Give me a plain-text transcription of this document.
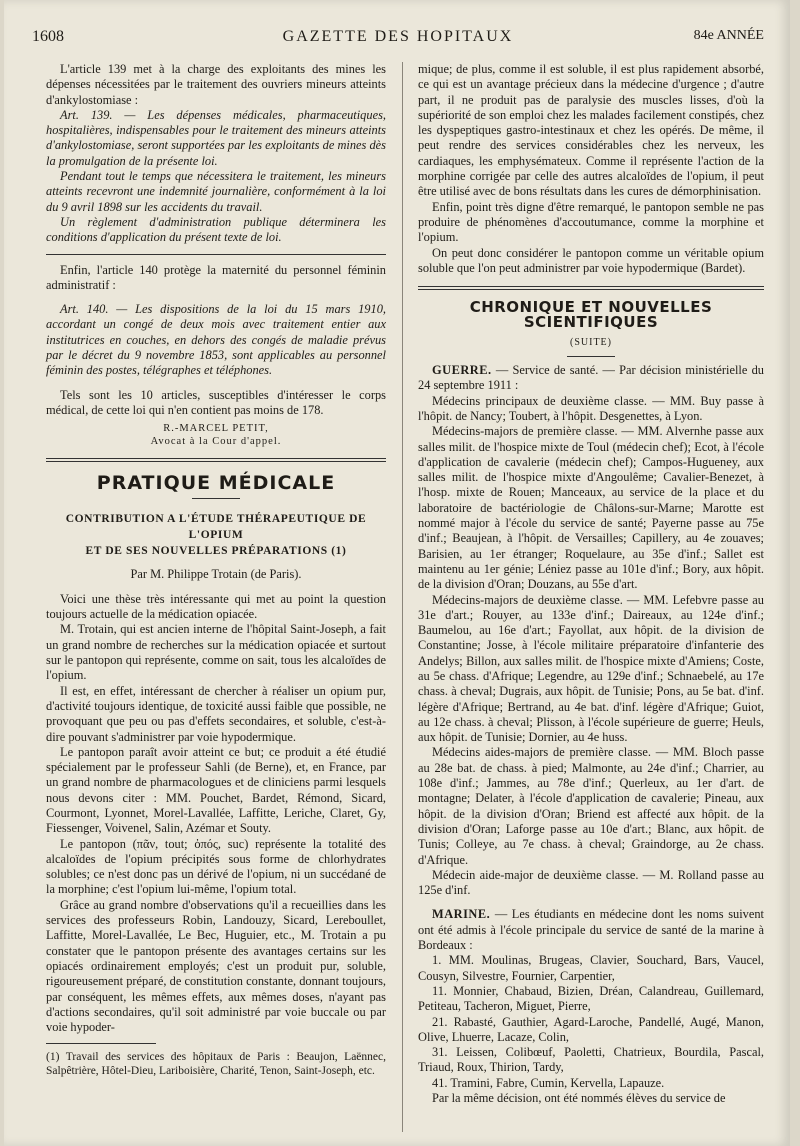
1608	GAZETTE DES HOPITAUX	84e ANNÉE

L'article 139 met à la charge des exploitants des mines les dépenses nécessitées par le traitement des ouvriers mineurs atteints d'ankylostomiase :

Art. 139. — Les dépenses médicales, pharmaceutiques, hospitalières, indispensables pour le traitement des mineurs atteints d'ankylostomiase, seront supportées par les exploitants de mines dès la promulgation de la présente loi.

Pendant tout le temps que nécessitera le traitement, les mineurs atteints recevront une indemnité journalière, conformément à la loi du 9 avril 1898 sur les accidents du travail.

Un règlement d'administration publique déterminera les conditions d'application du présent texte de loi.

Enfin, l'article 140 protège la maternité du personnel féminin administratif :

Art. 140. — Les dispositions de la loi du 15 mars 1910, accordant un congé de deux mois avec traitement entier aux institutrices en couches, en dehors des congés de maladie prévus par le décret du 9 novembre 1853, sont applicables au personnel féminin des postes, télégraphes et téléphones.

Tels sont les 10 articles, susceptibles d'intéresser le corps médical, de cette loi qui n'en contient pas moins de 178.

R.-MARCEL PETIT,
Avocat à la Cour d'appel.
PRATIQUE MÉDICALE
CONTRIBUTION A L'ÉTUDE THÉRAPEUTIQUE DE L'OPIUM
ET DE SES NOUVELLES PRÉPARATIONS (1)
Par M. Philippe Trotain (de Paris).

Voici une thèse très intéressante qui met au point la question toujours actuelle de la médication opiacée.

M. Trotain, qui est ancien interne de l'hôpital Saint-Joseph, a fait un grand nombre de recherches sur la médication opiacée et surtout sur le pantopon qui représente, comme on sait, tous les alcaloïdes de l'opium.

Il est, en effet, intéressant de chercher à réaliser un opium pur, d'activité toujours identique, de toxicité aussi faible que possible, ne provoquant que peu ou pas d'effets secondaires, et soluble, c'est-à-dire pouvant s'administrer par voie hypodermique.

Le pantopon paraît avoir atteint ce but; ce produit a été étudié spécialement par le professeur Sahli (de Berne), et, en France, par un grand nombre de pharmacologues et de cliniciens parmi lesquels nous devons citer : MM. Pouchet, Bardet, Rémond, Sicard, Courmont, Lyonnet, Morel-Lavallée, Laffitte, Leriche, Claret, Gy, Fiessenger, Voivenel, Salin, Azémar et Souty.

Le pantopon (πᾶν, tout; ὀπός, suc) représente la totalité des alcaloïdes de l'opium précipités sous forme de chlorhydrates solubles; ce n'est donc pas un dérivé de l'opium, ni un succédané de la morphine; c'est l'opium lui-même, l'opium total.

Grâce au grand nombre d'observations qu'il a recueillies dans les services des professeurs Robin, Landouzy, Sicard, Lereboullet, Laffitte, Morel-Lavallée, Le Bec, Huguier, etc., M. Trotain a pu constater que le pantopon présente des avantages certains sur les opiacés ordinairement employés; c'est un produit pur, soluble, rigoureusement préparé, de constitution constante, donnant toujours, par conséquent, les mêmes effets, aux mêmes doses, n'ayant pas d'actions secondaires, qu'il soit administré par voie buccale ou par voie hypoder-

(1) Travail des services des hôpitaux de Paris : Beaujon, Laënnec, Salpêtrière, Hôtel-Dieu, Lariboisière, Charité, Tenon, Saint-Joseph, etc.

mique; de plus, comme il est soluble, il est plus rapidement absorbé, ce qui est un avantage précieux dans la médecine d'urgence ; d'autre part, il ne produit pas de paralysie des muscles lisses, d'où la supériorité de son emploi chez les malades facilement constipés, chez les dyspeptiques gastro-intestinaux et chez les opérés. De même, il peut rendre des services considérables chez les nerveux, les cardiaques, les emphysémateux. Comme il représente l'action de la morphine corrigée par celle des autres alcaloïdes de l'opium, il peut être utilisé avec de bons résultats dans les cures de démorphinisation.

Enfin, point très digne d'être remarqué, le pantopon semble ne pas produire de phénomènes d'accoutumance, comme la morphine et l'opium.

On peut donc considérer le pantopon comme un véritable opium soluble que l'on peut administrer par voie hypodermique (Bardet).

CHRONIQUE ET NOUVELLES SCIENTIFIQUES
(SUITE)

GUERRE. — Service de santé. — Par décision ministérielle du 24 septembre 1911 :

Médecins principaux de deuxième classe. — MM. Buy passe à l'hôpit. de Nancy; Toubert, à l'hôpit. Desgenettes, à Lyon.

Médecins-majors de première classe. — MM. Alvernhe passe aux salles milit. de l'hospice mixte de Toul (médecin chef); Ecot, à l'école d'application de cavalerie (médecin chef); Campos-Hugueney, aux salles milit. de l'hospice mixte d'Angoulême; Cavalier-Benezet, à l'hosp. mixte de Rouen; Manceaux, au service de la place et du laboratoire de bactériologie de Châlons-sur-Marne; Marotte est nommé major à l'école du service de santé; Payerne passe au 75e d'inf.; Beaujean, à l'hôpit. de Versailles; Capillery, au 4e zouaves; Barisien, au 1er étranger; Roquelaure, au 35e d'inf.; Sallet est maintenu au 1er génie; Léniez passe au 101e d'inf.; Bory, aux hôpit. de la division d'Oran; Douzans, au 55e d'art.

Médecins-majors de deuxième classe. — MM. Lefebvre passe au 31e d'art.; Rouyer, au 133e d'inf.; Daireaux, au 124e d'inf.; Baumelou, au 16e d'art.; Fayollat, aux hôpit. de la division de Constantine; Josse, à l'école militaire préparatoire d'infanterie des Andelys; Billon, aux salles milit. de l'hospice mixte d'Amiens; Coste, au 5e chass. d'Afrique; Legendre, au 129e d'inf.; Schnaebelé, au 17e chass. à cheval; Dugrais, aux hôpit. de Tunisie; Pons, au 5e bat. d'inf. légère d'Afrique; Bertrand, au 4e bat. d'inf. légère d'Afrique; Guiot, au 12e chass. à cheval; Plisson, à l'école supérieure de guerre; Heuls, aux hôpit. de Tunisie; Dornier, au 4e huss.

Médecins aides-majors de première classe. — MM. Bloch passe au 28e bat. de chass. à pied; Malmonte, au 24e d'inf.; Charrier, au 108e d'inf.; Jammes, au 78e d'inf.; Querleux, au 1er d'art. de montagne; Delater, à l'école d'application de cavalerie; Pineau, aux hôpit. de la division d'Oran; Briend est affecté aux hôpit. de la division d'Oran; Laforge passe au 10e d'art.; Blanc, aux hôpit. de Tunis; Colleye, au 7e chass. à cheval; Graindorge, au 2e chass. d'Afrique.

Médecin aide-major de deuxième classe. — M. Rolland passe au 125e d'inf.

MARINE. — Les étudiants en médecine dont les noms suivent ont été admis à l'école principale du service de santé de la marine à Bordeaux :

1. MM. Moulinas, Brugeas, Clavier, Souchard, Bars, Vaucel, Cousyn, Silvestre, Fournier, Carpentier,

11. Monnier, Chabaud, Bizien, Dréan, Calandreau, Guillemard, Petiteau, Tacheron, Miguet, Pierre,

21. Rabasté, Gauthier, Agard-Laroche, Pandellé, Augé, Manon, Olive, Lhuerre, Lacaze, Colin,

31. Leissen, Colibœuf, Paoletti, Chatrieux, Bourdila, Pascal, Triaud, Roux, Thirion, Tardy,

41. Tramini, Fabre, Cumin, Kervella, Lapauze.

Par la même décision, ont été nommés élèves du service de
